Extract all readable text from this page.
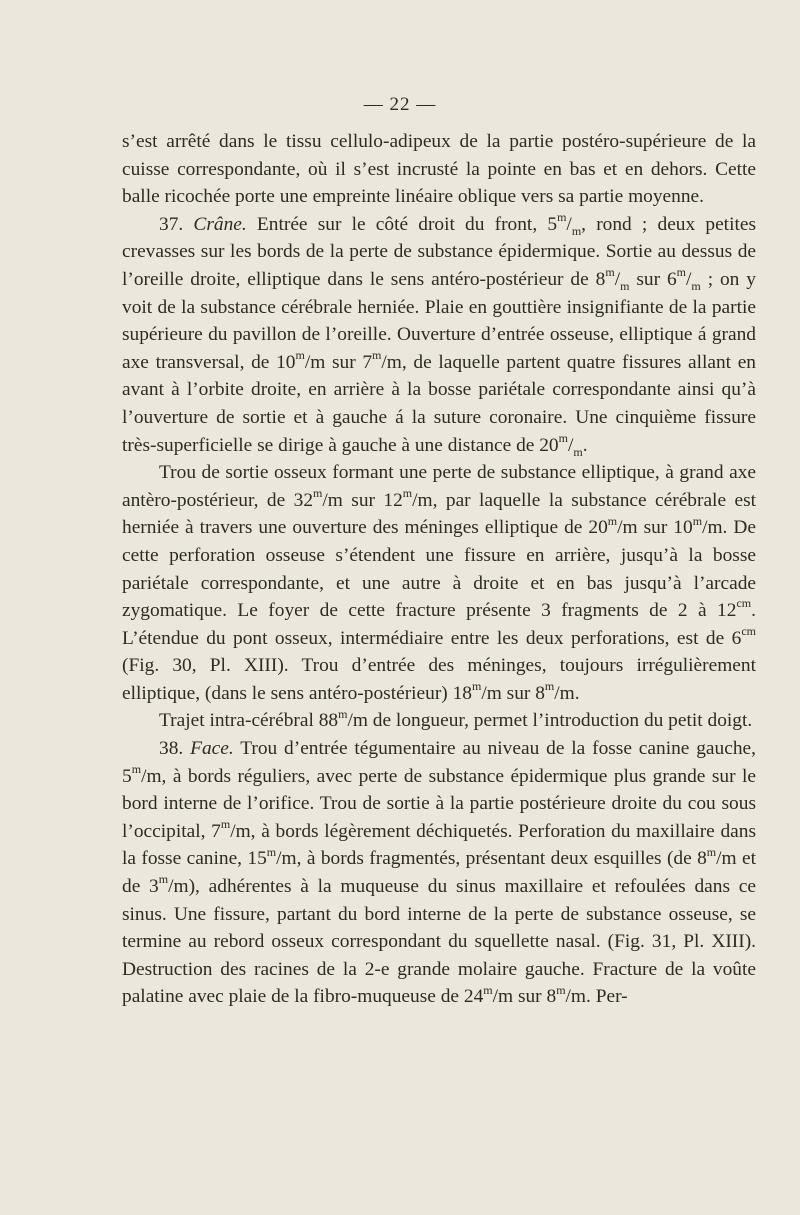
— 22 —

s’est arrêté dans le tissu cellulo-adipeux de la partie postéro-supérieure de la cuisse correspondante, où il s’est incrusté la pointe en bas et en dehors. Cette balle ricochée porte une empreinte linéaire oblique vers sa partie moyenne.

37. Crâne. Entrée sur le côté droit du front, $5^m/_m$, rond ; deux petites crevasses sur les bords de la perte de substance épidermique. Sortie au dessus de l’oreille droite, elliptique dans le sens antéro-postérieur de $8^m/_m$ sur $6^m/_m$ ; on y voit de la substance cérébrale herniée. Plaie en gouttière insignifiante de la partie supérieure du pavillon de l’oreille. Ouverture d’entrée osseuse, elliptique á grand axe transversal, de 10$^m$/m sur 7$^m$/m, de laquelle partent quatre fissures allant en avant à l’orbite droite, en arrière à la bosse pariétale correspondante ainsi qu’à l’ouverture de sortie et à gauche á la suture coronaire. Une cinquième fissure très-superficielle se dirige à gauche à une distance de $20^m/_m$.

Trou de sortie osseux formant une perte de substance elliptique, à grand axe antèro-postérieur, de 32$^m$/m sur 12$^m$/m, par laquelle la substance cérébrale est herniée à travers une ouverture des méninges elliptique de 20$^m$/m sur 10$^m$/m. De cette perforation osseuse s’étendent une fissure en arrière, jusqu’à la bosse pariétale correspondante, et une autre à droite et en bas jusqu’à l’arcade zygomatique. Le foyer de cette fracture présente 3 fragments de 2 à $12^{cm}$. L’étendue du pont osseux, intermédiaire entre les deux perforations, est de $6^{cm}$ (Fig. 30, Pl. XIII). Trou d’entrée des méninges, toujours irrégulièrement elliptique, (dans le sens antéro-postérieur) 18$^m$/m sur 8$^m$/m.

Trajet intra-cérébral 88$^m$/m de longueur, permet l’introduction du petit doigt.

38. Face. Trou d’entrée tégumentaire au niveau de la fosse canine gauche, 5$^m$/m, à bords réguliers, avec perte de substance épidermique plus grande sur le bord interne de l’orifice. Trou de sortie à la partie postérieure droite du cou sous l’occipital, 7$^m$/m, à bords légèrement déchiquetés. Perforation du maxillaire dans la fosse canine, 15$^m$/m, à bords fragmentés, présentant deux esquilles (de 8$^m$/m et de 3$^m$/m), adhérentes à la muqueuse du sinus maxillaire et refoulées dans ce sinus. Une fissure, partant du bord interne de la perte de substance osseuse, se termine au rebord osseux correspondant du squellette nasal. (Fig. 31, Pl. XIII). Destruction des racines de la 2-e grande molaire gauche. Fracture de la voûte palatine avec plaie de la fibro-muqueuse de 24$^m$/m sur 8$^m$/m. Per-
